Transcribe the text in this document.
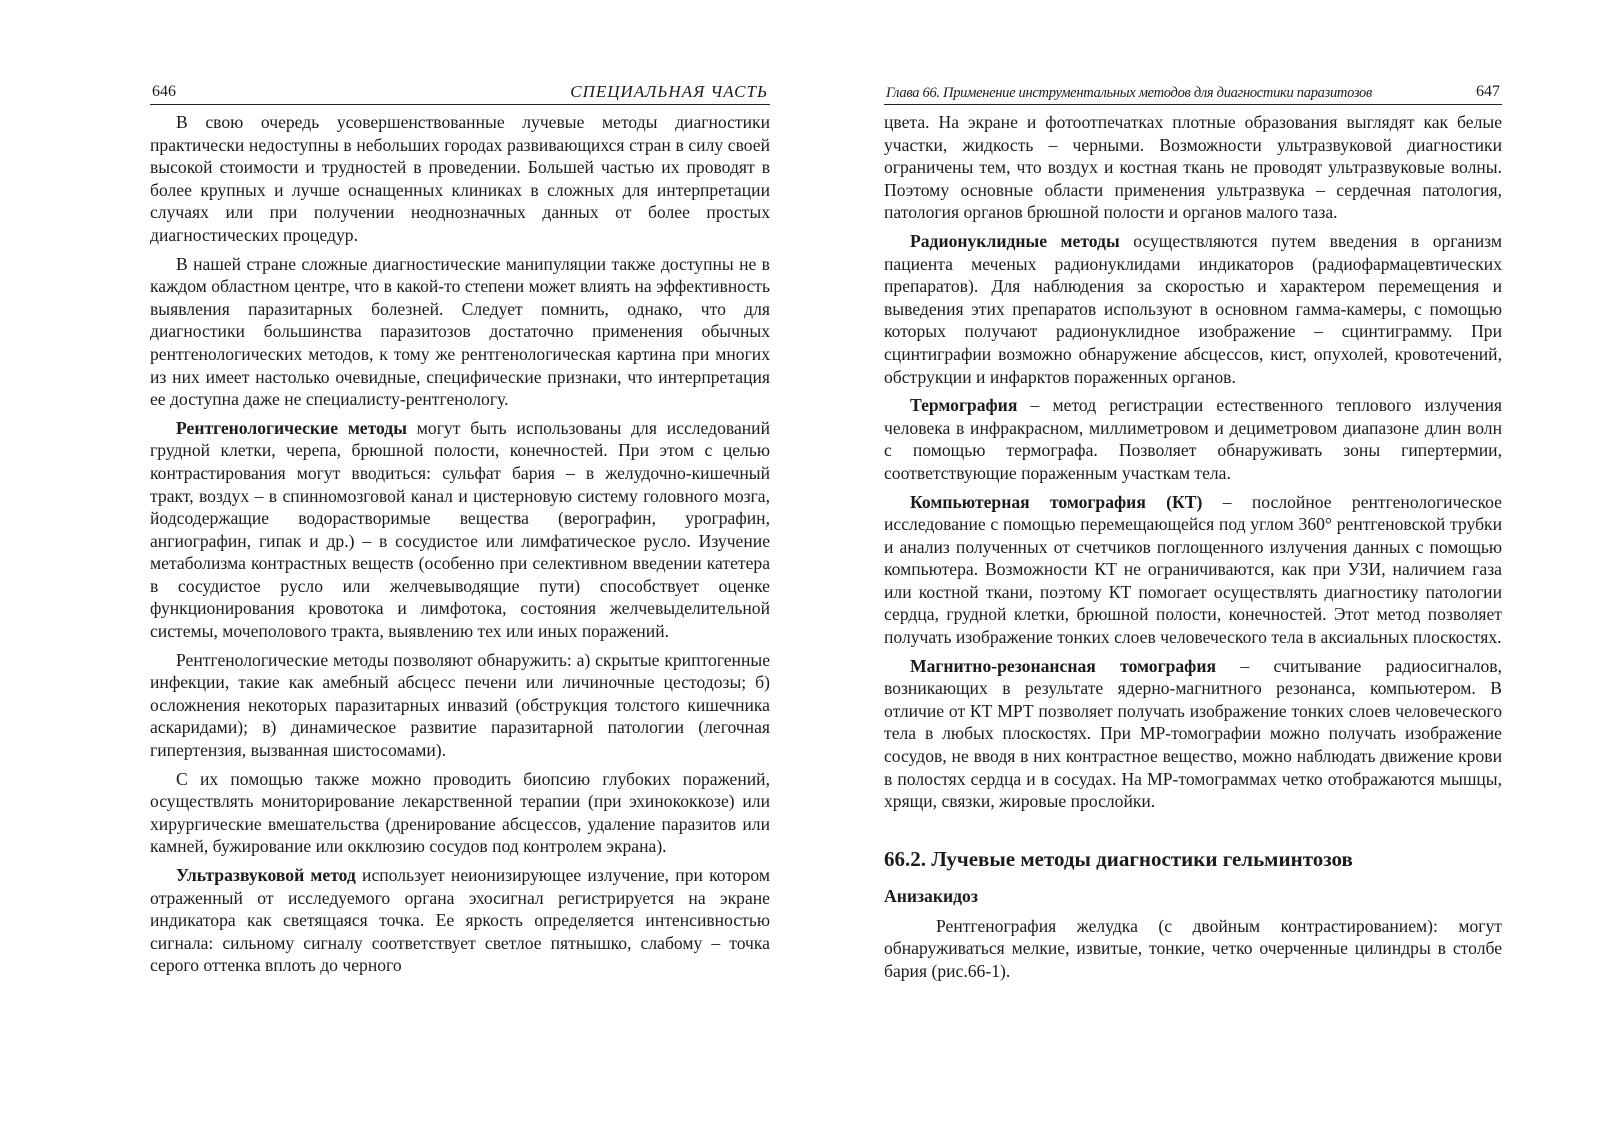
646	СПЕЦИАЛЬНАЯ ЧАСТЬ

В свою очередь усовершенствованные лучевые методы диагностики практически недоступны в небольших городах развивающихся стран в силу своей высокой стоимости и трудностей в проведении. Большей частью их проводят в более крупных и лучше оснащенных клиниках в сложных для интерпретации случаях или при получении неоднозначных данных от более простых диагностических процедур.

В нашей стране сложные диагностические манипуляции также доступны не в каждом областном центре, что в какой-то степени может влиять на эффективность выявления паразитарных болезней. Следует помнить, однако, что для диагностики большинства паразитозов достаточно применения обычных рентгенологических методов, к тому же рентгенологическая картина при многих из них имеет настолько очевидные, специфические признаки, что интерпретация ее доступна даже не специалисту-рентгенологу.

Рентгенологические методы могут быть использованы для исследований грудной клетки, черепа, брюшной полости, конечностей. При этом с целью контрастирования могут вводиться: сульфат бария – в желудочно-кишечный тракт, воздух – в спинномозговой канал и цистерновую систему головного мозга, йодсодержащие водорастворимые вещества (верографин, урографин, ангиографин, гипак и др.) – в сосудистое или лимфатическое русло. Изучение метаболизма контрастных веществ (особенно при селективном введении катетера в сосудистое русло или желчевыводящие пути) способствует оценке функционирования кровотока и лимфотока, состояния желчевыделительной системы, мочеполового тракта, выявлению тех или иных поражений.

Рентгенологические методы позволяют обнаружить: а) скрытые криптогенные инфекции, такие как амебный абсцесс печени или личиночные цестодозы; б) осложнения некоторых паразитарных инвазий (обструкция толстого кишечника аскаридами); в) динамическое развитие паразитарной патологии (легочная гипертензия, вызванная шистосомами).

С их помощью также можно проводить биопсию глубоких поражений, осуществлять мониторирование лекарственной терапии (при эхинококкозе) или хирургические вмешательства (дренирование абсцессов, удаление паразитов или камней, бужирование или окклюзию сосудов под контролем экрана).

Ультразвуковой метод использует неионизирующее излучение, при котором отраженный от исследуемого органа эхосигнал регистрируется на экране индикатора как светящаяся точка. Ее яркость определяется интенсивностью сигнала: сильному сигналу соответствует светлое пятнышко, слабому – точка серого оттенка вплоть до черного

Глава 66. Применение инструментальных методов для диагностики паразитозов	647

цвета. На экране и фотоотпечатках плотные образования выглядят как белые участки, жидкость – черными. Возможности ультразвуковой диагностики ограничены тем, что воздух и костная ткань не проводят ультразвуковые волны. Поэтому основные области применения ультразвука – сердечная патология, патология органов брюшной полости и органов малого таза.

Радионуклидные методы осуществляются путем введения в организм пациента меченых радионуклидами индикаторов (радиофармацевтических препаратов). Для наблюдения за скоростью и характером перемещения и выведения этих препаратов используют в основном гамма-камеры, с помощью которых получают радионуклидное изображение – сцинтиграмму. При сцинтиграфии возможно обнаружение абсцессов, кист, опухолей, кровотечений, обструкции и инфарктов пораженных органов.

Термография – метод регистрации естественного теплового излучения человека в инфракрасном, миллиметровом и дециметровом диапазоне длин волн с помощью термографа. Позволяет обнаруживать зоны гипертермии, соответствующие пораженным участкам тела.

Компьютерная томография (КТ) – послойное рентгенологическое исследование с помощью перемещающейся под углом 360° рентгеновской трубки и анализ полученных от счетчиков поглощенного излучения данных с помощью компьютера. Возможности КТ не ограничиваются, как при УЗИ, наличием газа или костной ткани, поэтому КТ помогает осуществлять диагностику патологии сердца, грудной клетки, брюшной полости, конечностей. Этот метод позволяет получать изображение тонких слоев человеческого тела в аксиальных плоскостях.

Магнитно-резонансная томография – считывание радиосигналов, возникающих в результате ядерно-магнитного резонанса, компьютером. В отличие от КТ МРТ позволяет получать изображение тонких слоев человеческого тела в любых плоскостях. При МР-томографии можно получать изображение сосудов, не вводя в них контрастное вещество, можно наблюдать движение крови в полостях сердца и в сосудах. На МР-томограммах четко отображаются мышцы, хрящи, связки, жировые прослойки.

66.2. Лучевые методы диагностики гельминтозов
Анизакидоз

Рентгенография желудка (с двойным контрастированием): могут обнаруживаться мелкие, извитые, тонкие, четко очерченные цилиндры в столбе бария (рис.66-1).
